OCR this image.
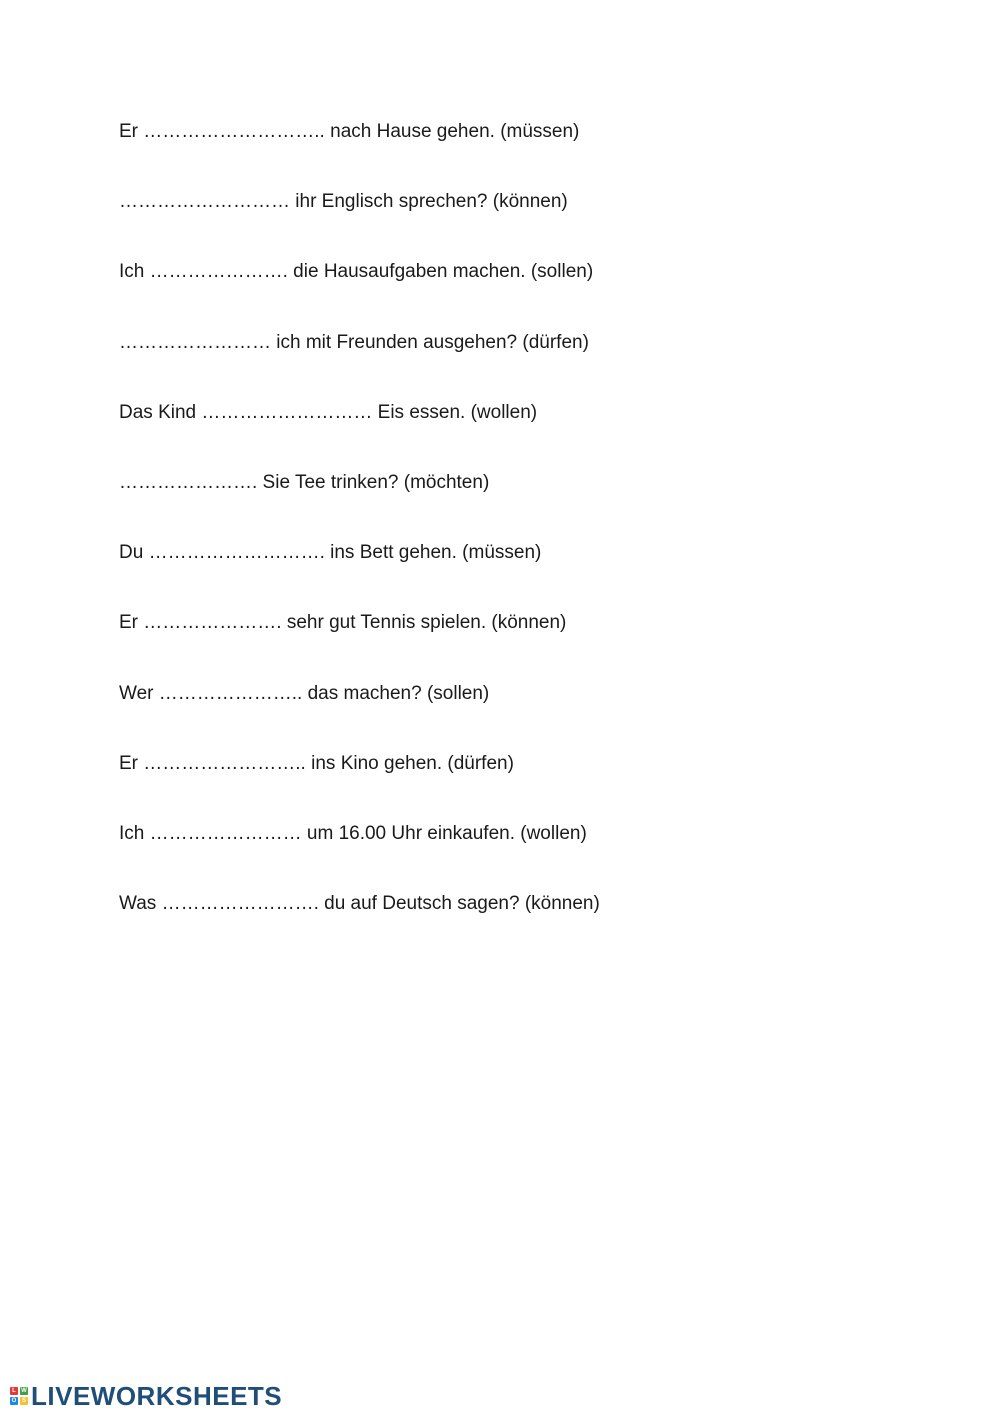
Er ……………………….. nach Hause gehen. (müssen)
……………………… ihr Englisch sprechen? (können)
Ich …………………. die Hausaufgaben machen. (sollen)
…………………… ich mit Freunden ausgehen? (dürfen)
Das Kind ……………………… Eis essen. (wollen)
…………………. Sie Tee trinken? (möchten)
Du ………………………. ins Bett gehen. (müssen)
Er …………………. sehr gut Tennis spielen. (können)
Wer ………………….. das machen? (sollen)
Er …………………….. ins Kino gehen. (dürfen)
Ich …………………… um 16.00 Uhr einkaufen. (wollen)
Was ……………………. du auf Deutsch sagen? (können)
L W
O S LIVEWORKSHEETS
